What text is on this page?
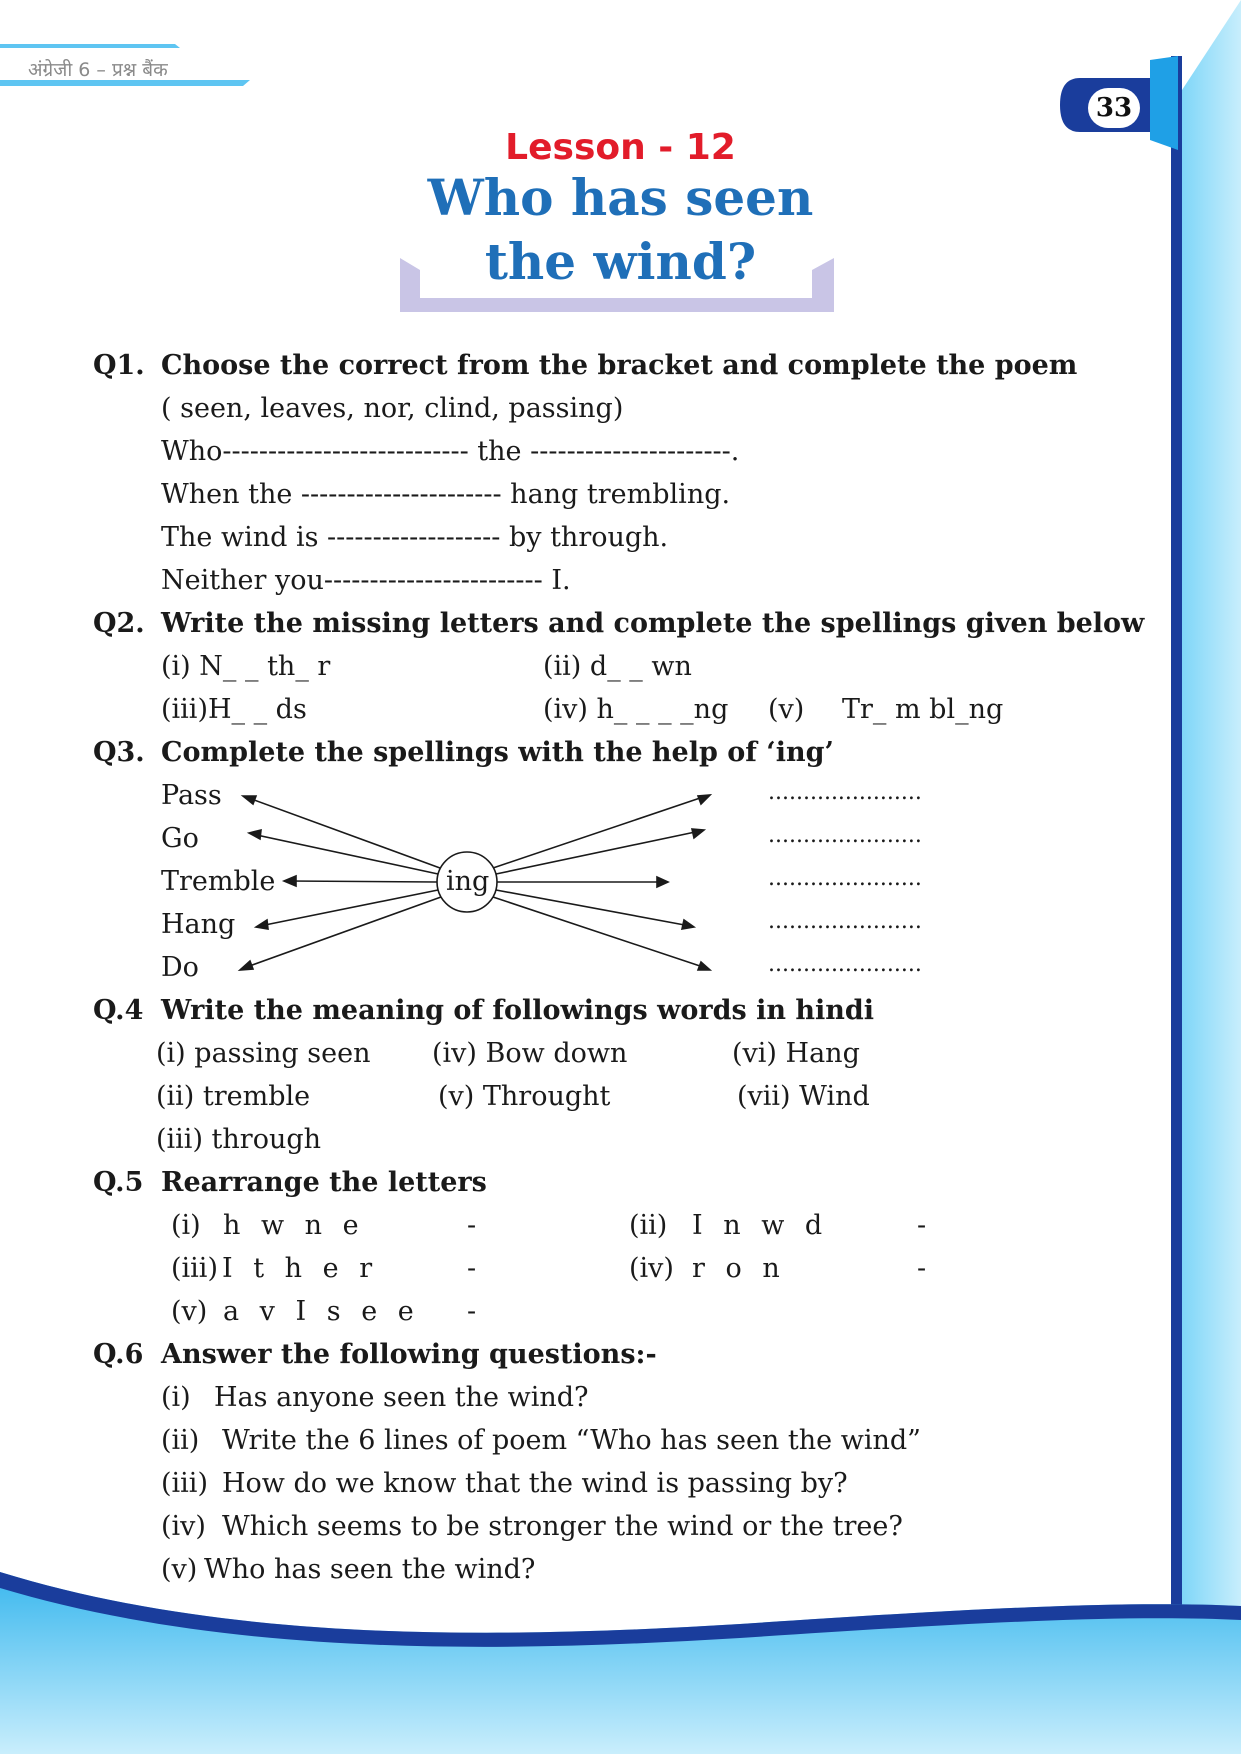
अंग्रेजी 6 – प्रश्न बैंक
33
Lesson - 12
Who has seen
the wind?
Q1. Choose the correct from the bracket and complete the poem
( seen, leaves, nor, clind, passing)
Who--------------------------- the ----------------------.
When the ---------------------- hang trembling.
The wind is ------------------- by through.
Neither you------------------------ I.
Q2. Write the missing letters and complete the spellings given below
(i) N_ _ th_ r	(ii) d_ _ wn
(iii)H_ _ ds	(iv) h_ _ _ _ng (v) Tr_ m bl_ng
Q3. Complete the spellings with the help of ‘ing’
Pass
Go
Tremble
Hang
Do
ing
......................
......................
......................
......................
......................
Q.4 Write the meaning of followings words in hindi
(i) passing seen (iv) Bow down	(vi) Hang
(ii) tremble	(v) Throught	(vii) Wind
(iii) through
Q.5 Rearrange the letters
(i) h w n e	-	(ii) I n w d	-
(iii) I t h e r	-	(iv) r o n	-
(v) a v I s e e -
Q.6 Answer the following questions:-
(i) Has anyone seen the wind?
(ii) Write the 6 lines of poem “Who has seen the wind”
(iii) How do we know that the wind is passing by?
(iv) Which seems to be stronger the wind or the tree?
(v) Who has seen the wind?
